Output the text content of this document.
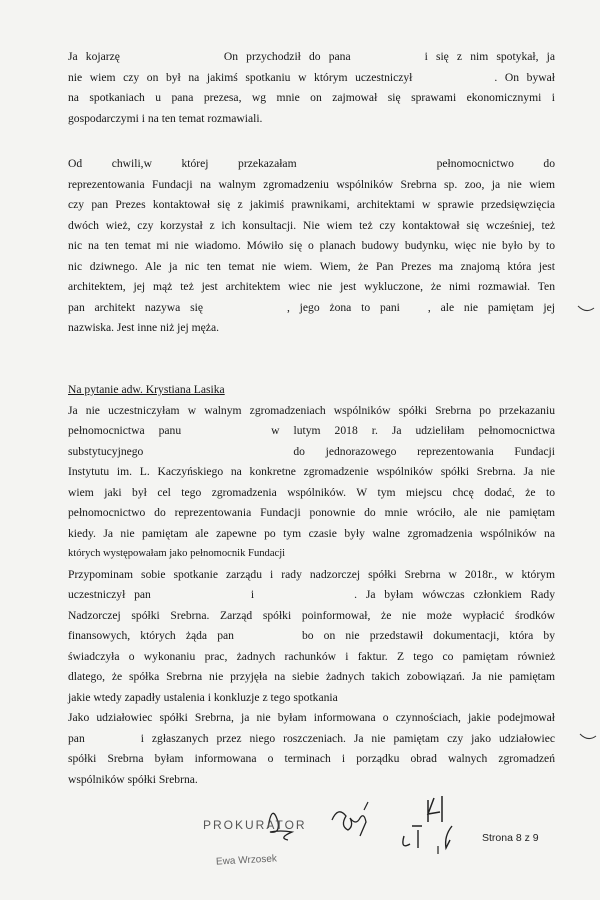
Ja kojarzę	On przychodził do pana	i się z nim spotykał, ja
nie wiem czy on był na jakimś spotkaniu w którym uczestniczył	. On bywał
na spotkaniach u pana prezesa, wg mnie on zajmował się sprawami ekonomicznymi i
gospodarczymi i na ten temat rozmawiali.
Od chwili,w której przekazałam	pełnomocnictwo do
reprezentowania Fundacji na walnym zgromadzeniu wspólników Srebrna sp. zoo, ja nie wiem
czy pan Prezes kontaktował się z jakimiś prawnikami, architektami w sprawie przedsięwzięcia
dwóch wież, czy korzystał z ich konsultacji. Nie wiem też czy kontaktował się wcześniej, też
nic na ten temat mi nie wiadomo. Mówiło się o planach budowy budynku, więc nie było by to
nic dziwnego. Ale ja nic ten temat nie wiem. Wiem, że Pan Prezes ma znajomą która jest
architektem, jej mąż też jest architektem wiec nie jest wykluczone, że nimi rozmawiał. Ten
pan architekt nazywa się	, jego żona to pani , ale nie pamiętam jej
nazwiska. Jest inne niż jej męża.
Na pytanie adw. Krystiana Lasika
Ja nie uczestniczyłam w walnym zgromadzeniach wspólników spółki Srebrna po przekazaniu
pełnomocnictwa panu	w lutym 2018 r. Ja udzieliłam pełnomocnictwa
substytucyjnego	do jednorazowego reprezentowania Fundacji
Instytutu im. L. Kaczyńskiego na konkretne zgromadzenie wspólników spółki Srebrna. Ja nie
wiem jaki był cel tego zgromadzenia wspólników. W tym miejscu chcę dodać, że to
pełnomocnictwo do reprezentowania Fundacji ponownie do mnie wróciło, ale nie pamiętam
kiedy. Ja nie pamiętam ale zapewne po tym czasie były walne zgromadzenia wspólników na
których występowałam jako pełnomocnik Fundacji
Przypominam sobie spotkanie zarządu i rady nadzorczej spółki Srebrna w 2018r., w którym
uczestniczył pan	i	. Ja byłam wówczas członkiem Rady
Nadzorczej spółki Srebrna. Zarząd spółki poinformował, że nie może wypłacić środków
finansowych, których żąda pan	bo on nie przedstawił dokumentacji, która by
świadczyła o wykonaniu prac, żadnych rachunków i faktur. Z tego co pamiętam również
dlatego, że spółka Srebrna nie przyjęła na siebie żadnych takich zobowiązań. Ja nie pamiętam
jakie wtedy zapadły ustalenia i konkluzje z tego spotkania
Jako udziałowiec spółki Srebrna, ja nie byłam informowana o czynnościach, jakie podejmował
pan	i zgłaszanych przez niego roszczeniach. Ja nie pamiętam czy jako udziałowiec
spółki Srebrna byłam informowana o terminach i porządku obrad walnych zgromadzeń
wspólników spółki Srebrna.
PROKURATOR
Ewa Wrzosek
Strona 8 z 9
